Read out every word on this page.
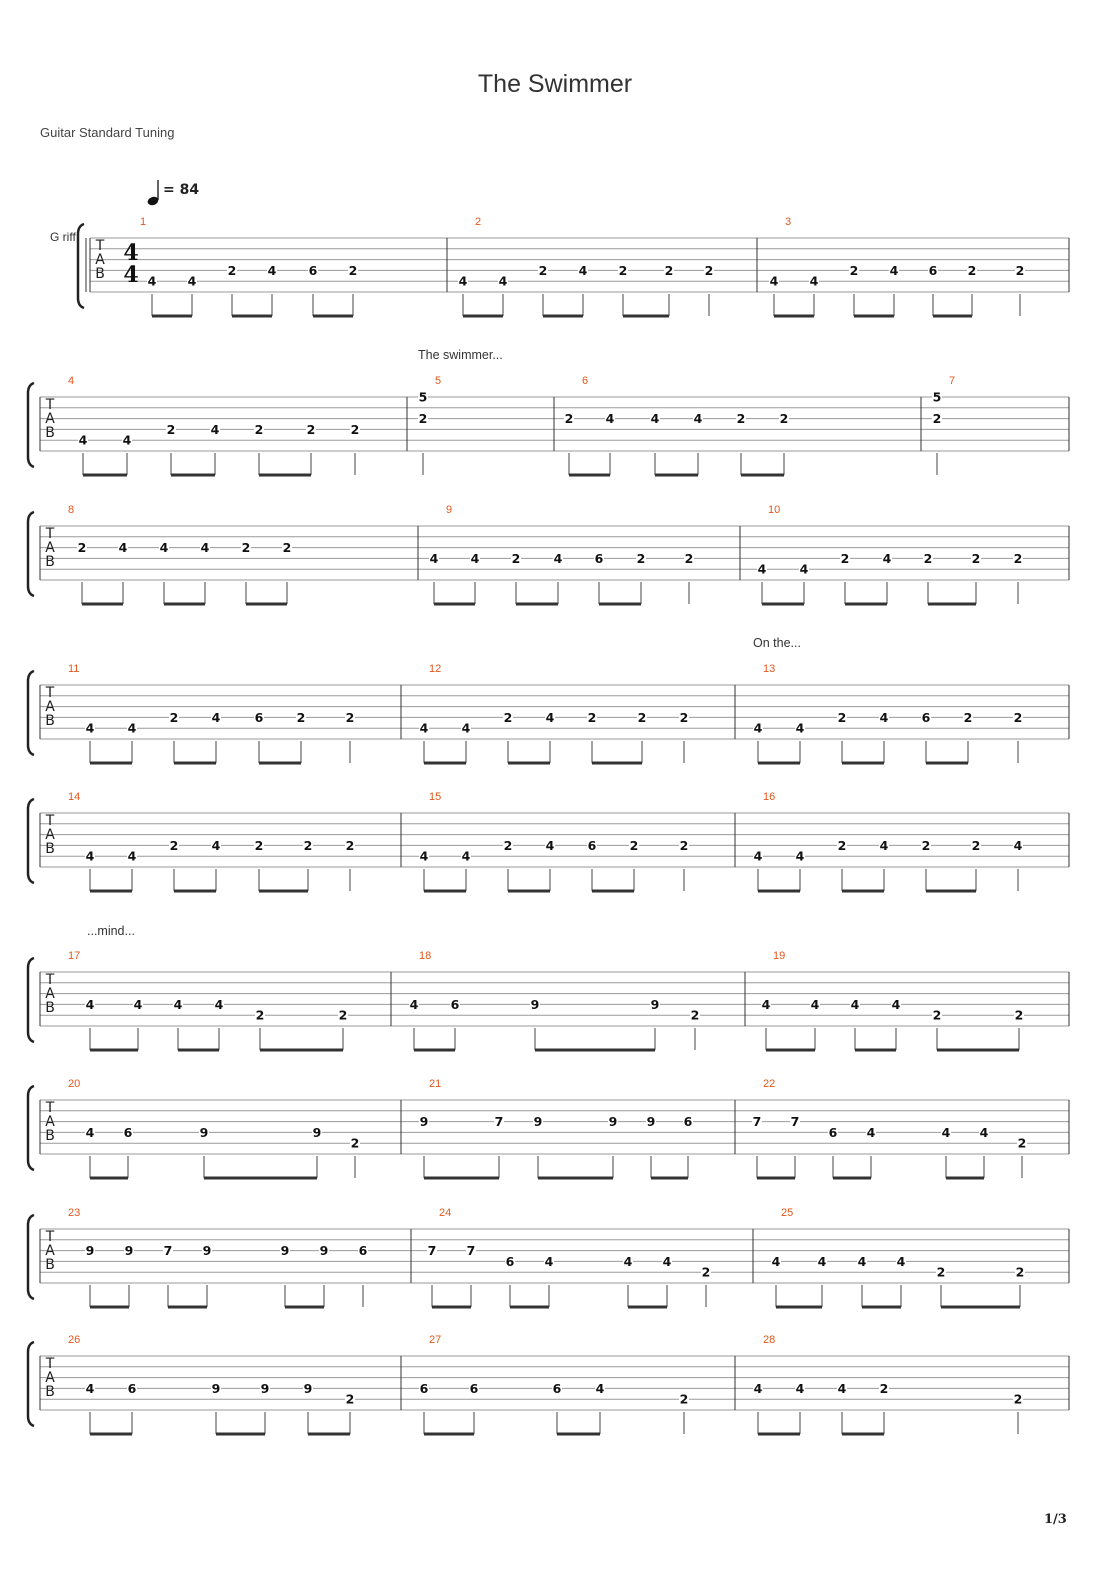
The Swimmer
Guitar Standard Tuning
1/3
= 84
G riff
The swimmer...
On the...
...mind...
T
A
B
4
4
1
4	4
2	4	6	2
2
4	4
2	4	2	2	2
3
4	4
2	4 6 2	2
T
A
B
4
4	4
2	4	2	2	2
5
5
2
6
2	4	4	4	2	2
7
5
2
T
A
B
8
2	4	4	4	2	2
9
4	4	2	4	6	2	2
10
4	4
2	4	2	2	2
T
A
B
11
4	4
2	4	6	2	2
12
4	4
2	4	2	2	2
13
4	4
2	4	6	2	2
T
A
B
14
4	4
2	4	2	2	2
15
4	4
2	4	6	2	2
16
4	4
2	4	2	2	4
T
A
B
17
4	4	4	4
2	2
18
4	6	9	9
2
19
4	4	4	4
2	2
T
A
B
20
4 6	9	9
2
21
9	7 9	9 9 6
22
7 7
6 4	4 4
2
T
A
B
23
9 9 7 9	9 9 6
24
7 7
6 4	4 4
2
25
4	4	4 4
2	2
T
A
B
26
4	6	9	9	9
2
27
6	6	6	4
2
28
4	4	4	2
2
